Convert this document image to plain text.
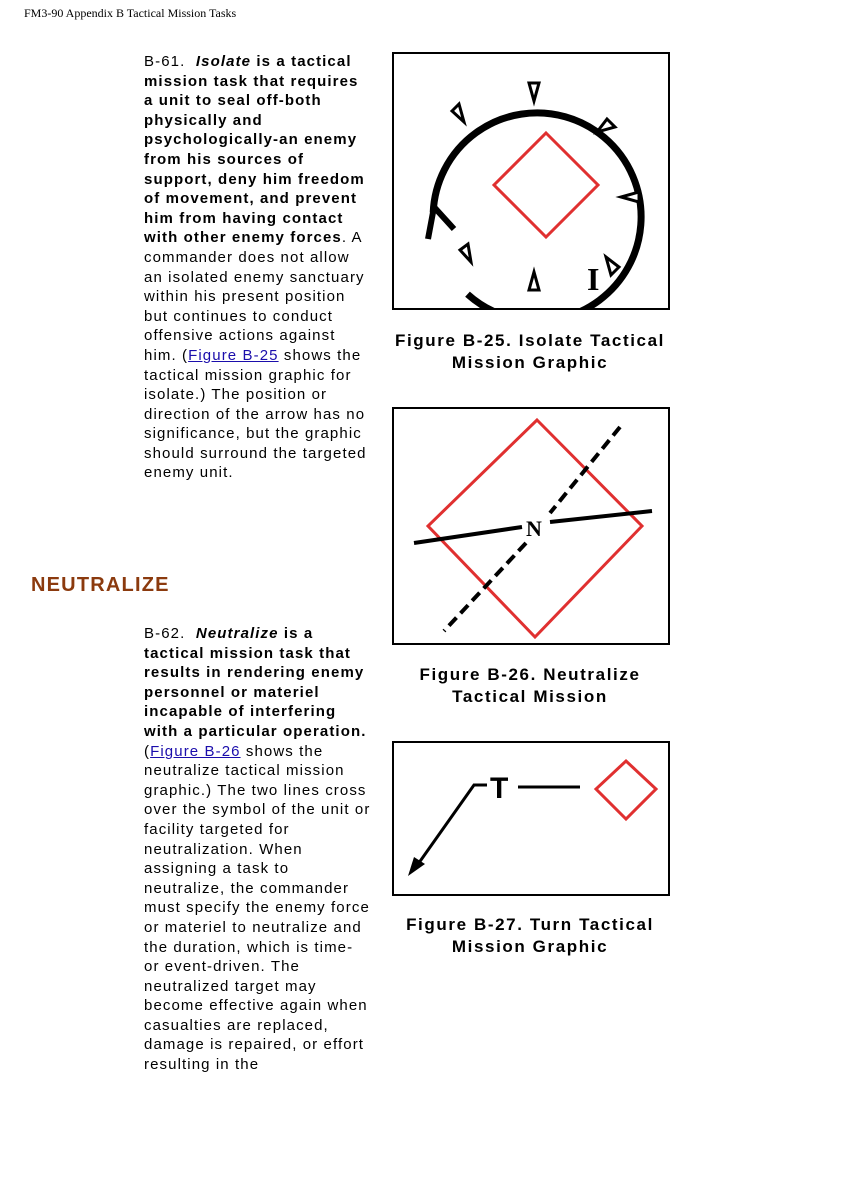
FM3-90 Appendix B Tactical Mission Tasks
B-61. Isolate is a tactical mission task that requires a unit to seal off-both physically and psychologically-an enemy from his sources of support, deny him freedom of movement, and prevent him from having contact with other enemy forces. A commander does not allow an isolated enemy sanctuary within his present position but continues to conduct offensive actions against him. (Figure B-25 shows the tactical mission graphic for isolate.) The position or direction of the arrow has no significance, but the graphic should surround the targeted enemy unit.
NEUTRALIZE
B-62. Neutralize is a tactical mission task that results in rendering enemy personnel or materiel incapable of interfering with a particular operation.
(Figure B-26 shows the neutralize tactical mission graphic.) The two lines cross over the symbol of the unit or facility targeted for neutralization. When assigning a task to neutralize, the commander must specify the enemy force or materiel to neutralize and the duration, which is time- or event-driven. The neutralized target may become effective again when casualties are replaced, damage is repaired, or effort resulting in the
I
Figure B-25. Isolate Tactical
Mission Graphic
N
Figure B-26. Neutralize
Tactical Mission
T
Figure B-27. Turn Tactical
Mission Graphic
